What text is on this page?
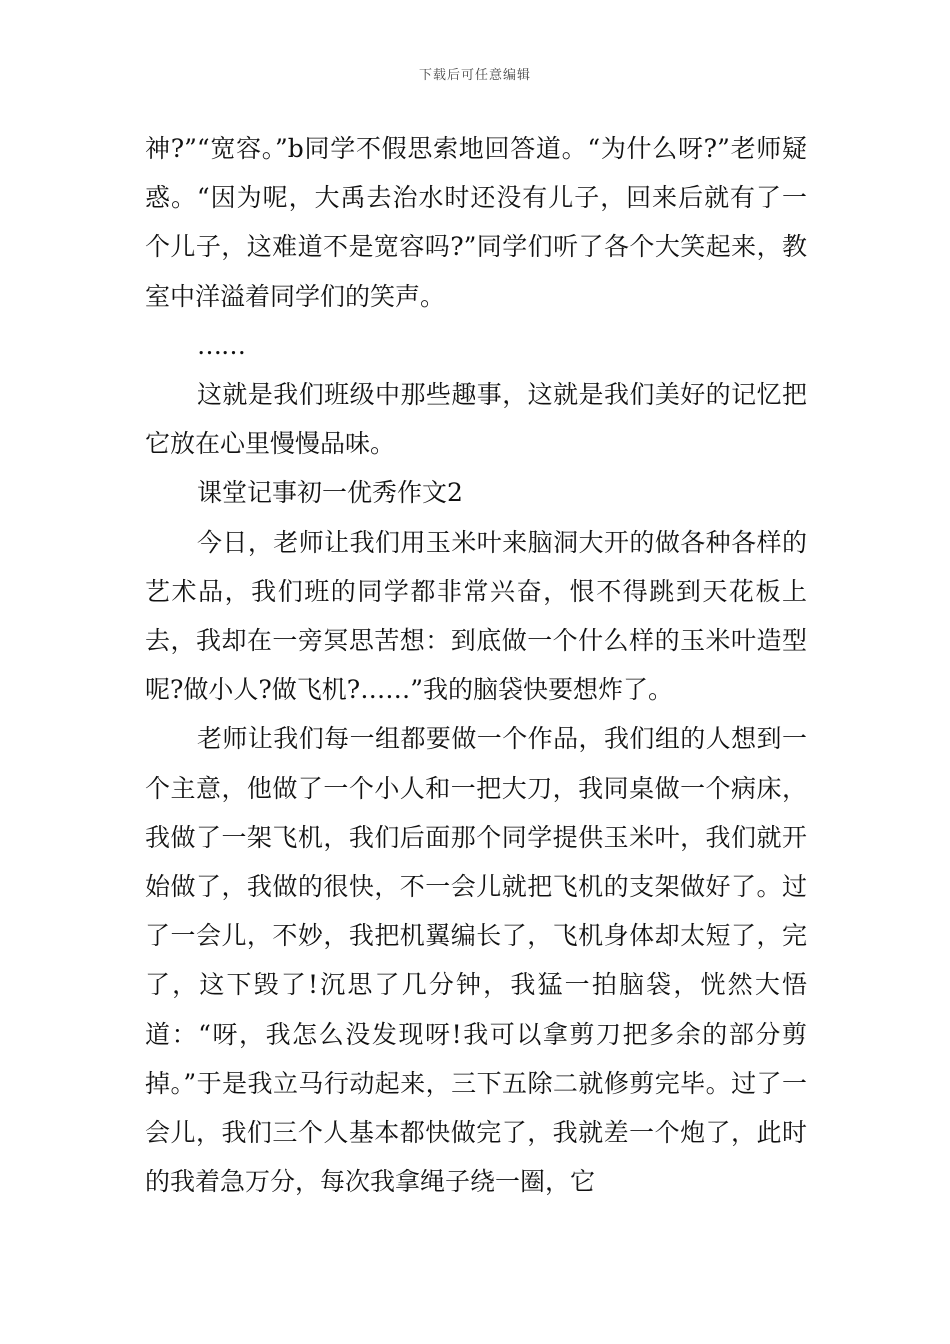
下载后可任意编辑

神?”“宽容。”b同学不假思索地回答道。“为什么呀?”老师疑惑。“因为呢，大禹去治水时还没有儿子，回来后就有了一个儿子，这难道不是宽容吗?”同学们听了各个大笑起来，教室中洋溢着同学们的笑声。

……

这就是我们班级中那些趣事，这就是我们美好的记忆把它放在心里慢慢品味。

课堂记事初一优秀作文2

今日，老师让我们用玉米叶来脑洞大开的做各种各样的艺术品，我们班的同学都非常兴奋，恨不得跳到天花板上去，我却在一旁冥思苦想：到底做一个什么样的玉米叶造型呢?做小人?做飞机?……”我的脑袋快要想炸了。

老师让我们每一组都要做一个作品，我们组的人想到一个主意，他做了一个小人和一把大刀，我同桌做一个病床，我做了一架飞机，我们后面那个同学提供玉米叶，我们就开始做了，我做的很快，不一会儿就把飞机的支架做好了。过了一会儿，不妙，我把机翼编长了，飞机身体却太短了，完了，这下毁了!沉思了几分钟，我猛一拍脑袋，恍然大悟道：“呀，我怎么没发现呀!我可以拿剪刀把多余的部分剪掉。”于是我立马行动起来，三下五除二就修剪完毕。过了一会儿，我们三个人基本都快做完了，我就差一个炮了，此时的我着急万分，每次我拿绳子绕一圈，它
